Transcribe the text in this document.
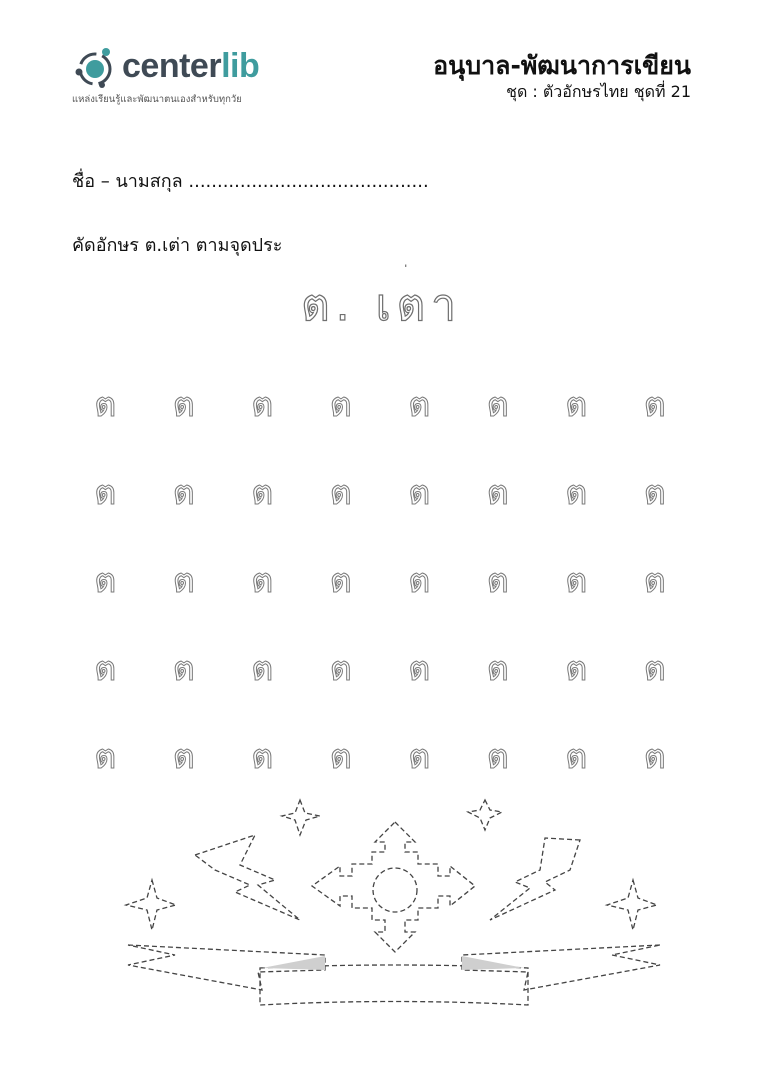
centerlib
แหล่งเรียนรู้และพัฒนาตนเองสำหรับทุกวัย
อนุบาล-พัฒนาการเขียน
ชุด : ตัวอักษรไทย ชุดที่ 21
ชื่อ – นามสกุล ..........................................
คัดอักษร ต.เต่า ตามจุดประ
ต. เตา
ต	ต	ต	ต	ต	ต	ต	ต
ต	ต	ต	ต	ต	ต	ต	ต
ต	ต	ต	ต	ต	ต	ต	ต
ต	ต	ต	ต	ต	ต	ต	ต
ต	ต	ต	ต	ต	ต	ต	ต
